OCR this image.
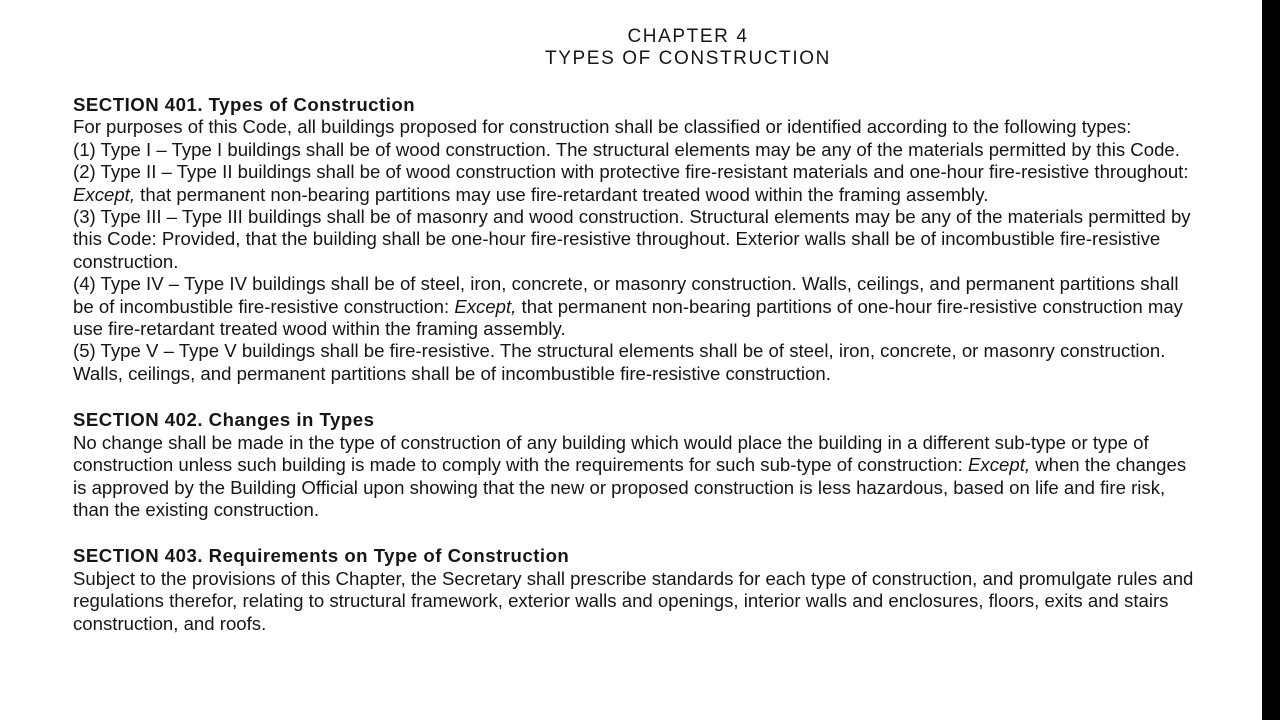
CHAPTER 4
TYPES OF CONSTRUCTION
SECTION 401. Types of Construction
For purposes of this Code, all buildings proposed for construction shall be classified or identified according to the following types:
(1) Type I – Type I buildings shall be of wood construction. The structural elements may be any of the materials permitted by this Code.
(2) Type II – Type II buildings shall be of wood construction with protective fire-resistant materials and one-hour fire-resistive throughout: Except, that permanent non-bearing partitions may use fire-retardant treated wood within the framing assembly.
(3) Type III – Type III buildings shall be of masonry and wood construction. Structural elements may be any of the materials permitted by this Code: Provided, that the building shall be one-hour fire-resistive throughout. Exterior walls shall be of incombustible fire-resistive construction.
(4) Type IV – Type IV buildings shall be of steel, iron, concrete, or masonry construction. Walls, ceilings, and permanent partitions shall be of incombustible fire-resistive construction: Except, that permanent non-bearing partitions of one-hour fire-resistive construction may use fire-retardant treated wood within the framing assembly.
(5) Type V – Type V buildings shall be fire-resistive. The structural elements shall be of steel, iron, concrete, or masonry construction. Walls, ceilings, and permanent partitions shall be of incombustible fire-resistive construction.
SECTION 402. Changes in Types
No change shall be made in the type of construction of any building which would place the building in a different sub-type or type of construction unless such building is made to comply with the requirements for such sub-type of construction: Except, when the changes is approved by the Building Official upon showing that the new or proposed construction is less hazardous, based on life and fire risk, than the existing construction.
SECTION 403. Requirements on Type of Construction
Subject to the provisions of this Chapter, the Secretary shall prescribe standards for each type of construction, and promulgate rules and regulations therefor, relating to structural framework, exterior walls and openings, interior walls and enclosures, floors, exits and stairs construction, and roofs.
